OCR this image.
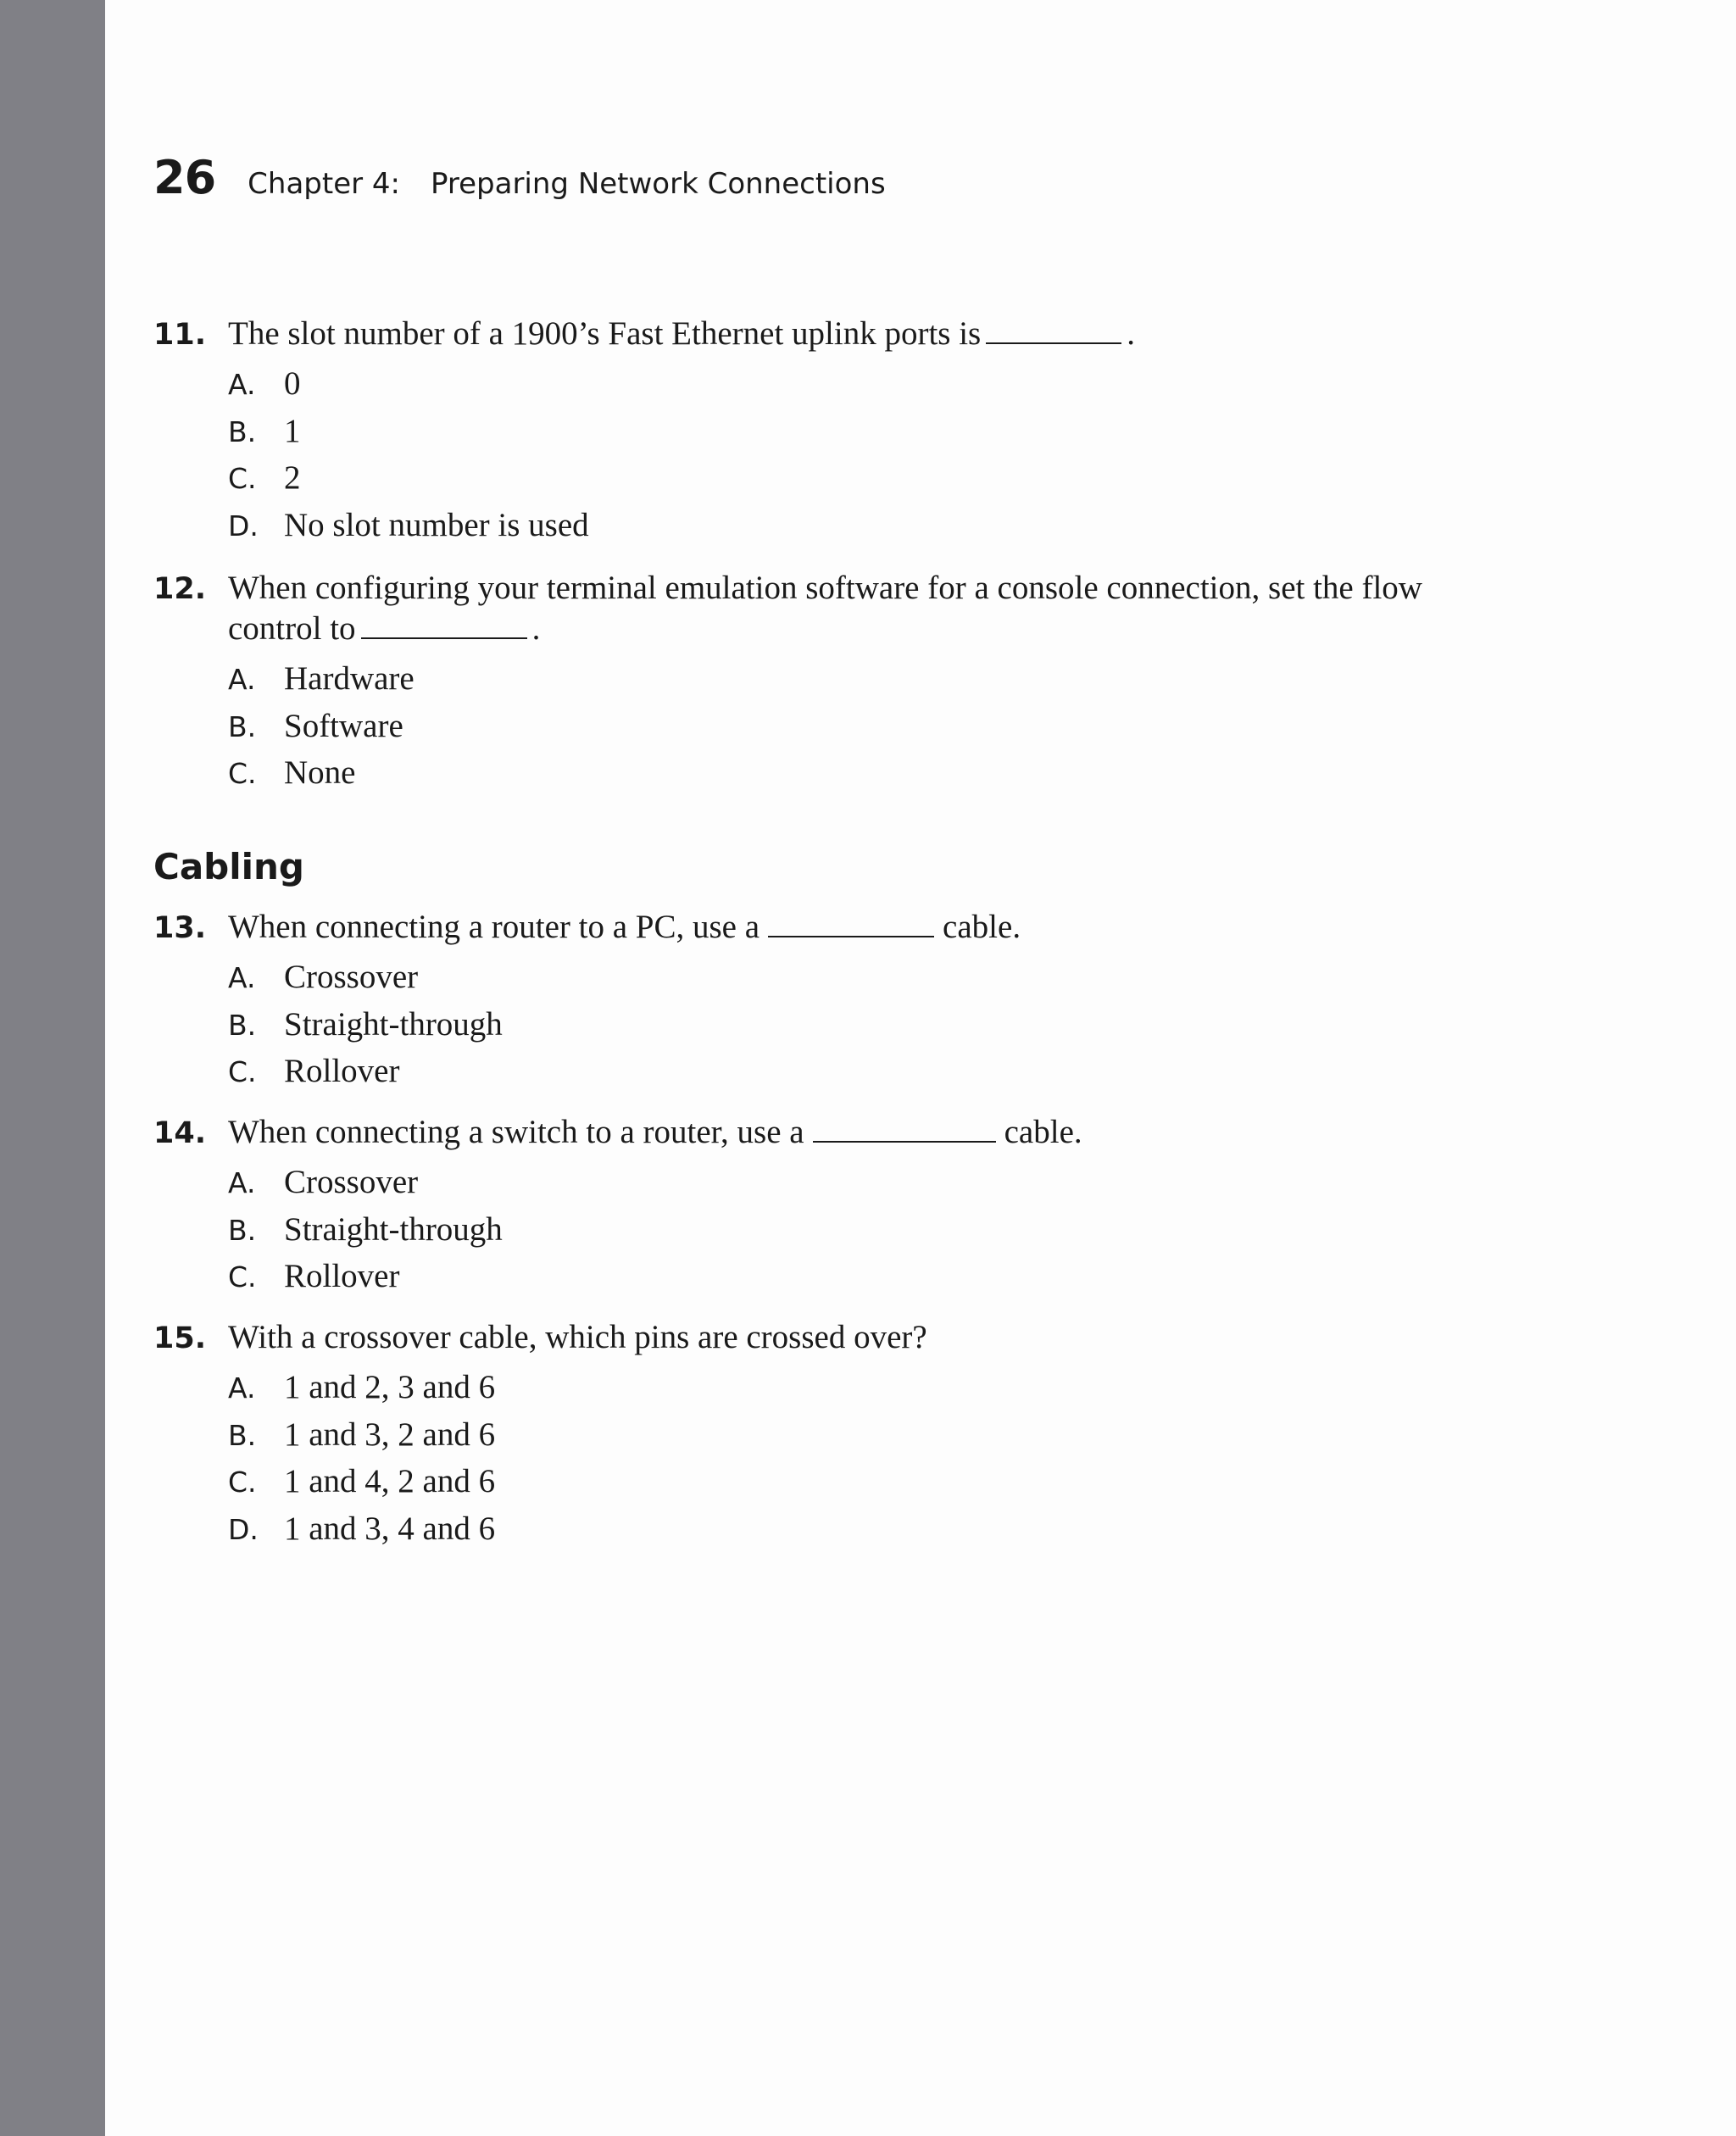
26 Chapter 4: Preparing Network Connections
11. The slot number of a 1900’s Fast Ethernet uplink ports is	.
A. 0
B. 1
C. 2
D. No slot number is used
12. When configuring your terminal emulation software for a console connection, set the flow
control to	.
A. Hardware
B. Software
C. None
Cabling
13. When connecting a router to a PC, use a	cable.
A. Crossover
B. Straight-through
C. Rollover
14. When connecting a switch to a router, use a	cable.
A. Crossover
B. Straight-through
C. Rollover
15. With a crossover cable, which pins are crossed over?
A. 1 and 2, 3 and 6
B. 1 and 3, 2 and 6
C. 1 and 4, 2 and 6
D. 1 and 3, 4 and 6
